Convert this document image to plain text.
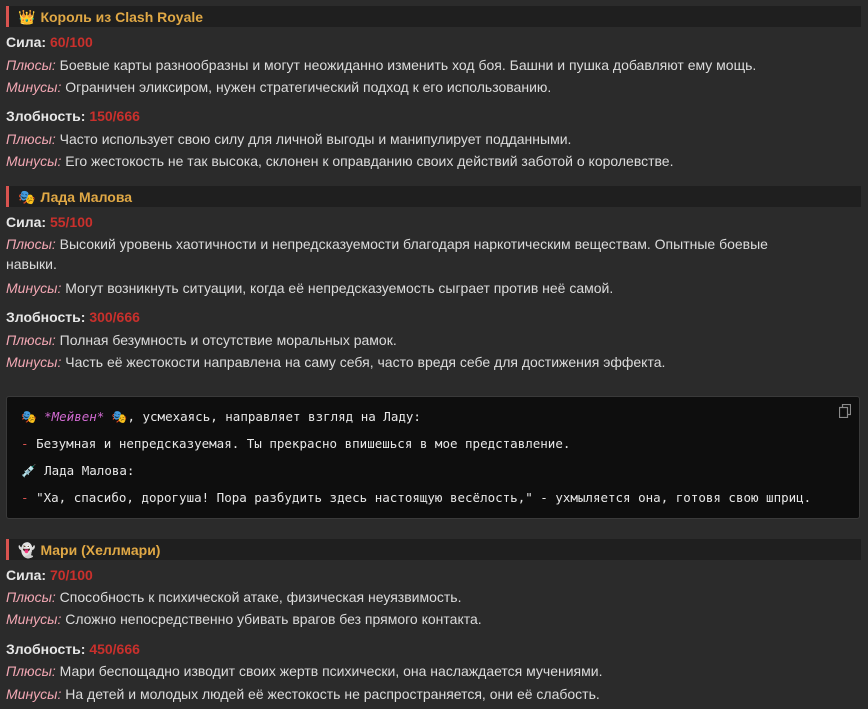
👑 Король из Clash Royale
Сила: 60/100
Плюсы: Боевые карты разнообразны и могут неожиданно изменить ход боя. Башни и пушка добавляют ему мощь.
Минусы: Ограничен эликсиром, нужен стратегический подход к его использованию.
Злобность: 150/666
Плюсы: Часто использует свою силу для личной выгоды и манипулирует подданными.
Минусы: Его жестокость не так высока, склонен к оправданию своих действий заботой о королевстве.
🎭 Лада Малова
Сила: 55/100
Плюсы: Высокий уровень хаотичности и непредсказуемости благодаря наркотическим веществам. Опытные боевые навыки.
Минусы: Могут возникнуть ситуации, когда её непредсказуемость сыграет против неё самой.
Злобность: 300/666
Плюсы: Полная безумность и отсутствие моральных рамок.
Минусы: Часть её жестокости направлена на саму себя, часто вредя себе для достижения эффекта.
🎭 *Мейвен* 🎭, усмехаясь, направляет взгляд на Ладу:
- Безумная и непредсказуемая. Ты прекрасно впишешься в мое представление.
💉 Лада Малова:
- "Ха, спасибо, дорогуша! Пора разбудить здесь настоящую весёлость," - ухмыляется она, готовя свою шприц.
👻 Мари (Хеллмари)
Сила: 70/100
Плюсы: Способность к психической атаке, физическая неуязвимость.
Минусы: Сложно непосредственно убивать врагов без прямого контакта.
Злобность: 450/666
Плюсы: Мари беспощадно изводит своих жертв психически, она наслаждается мучениями.
Минусы: На детей и молодых людей её жестокость не распространяется, они её слабость.
